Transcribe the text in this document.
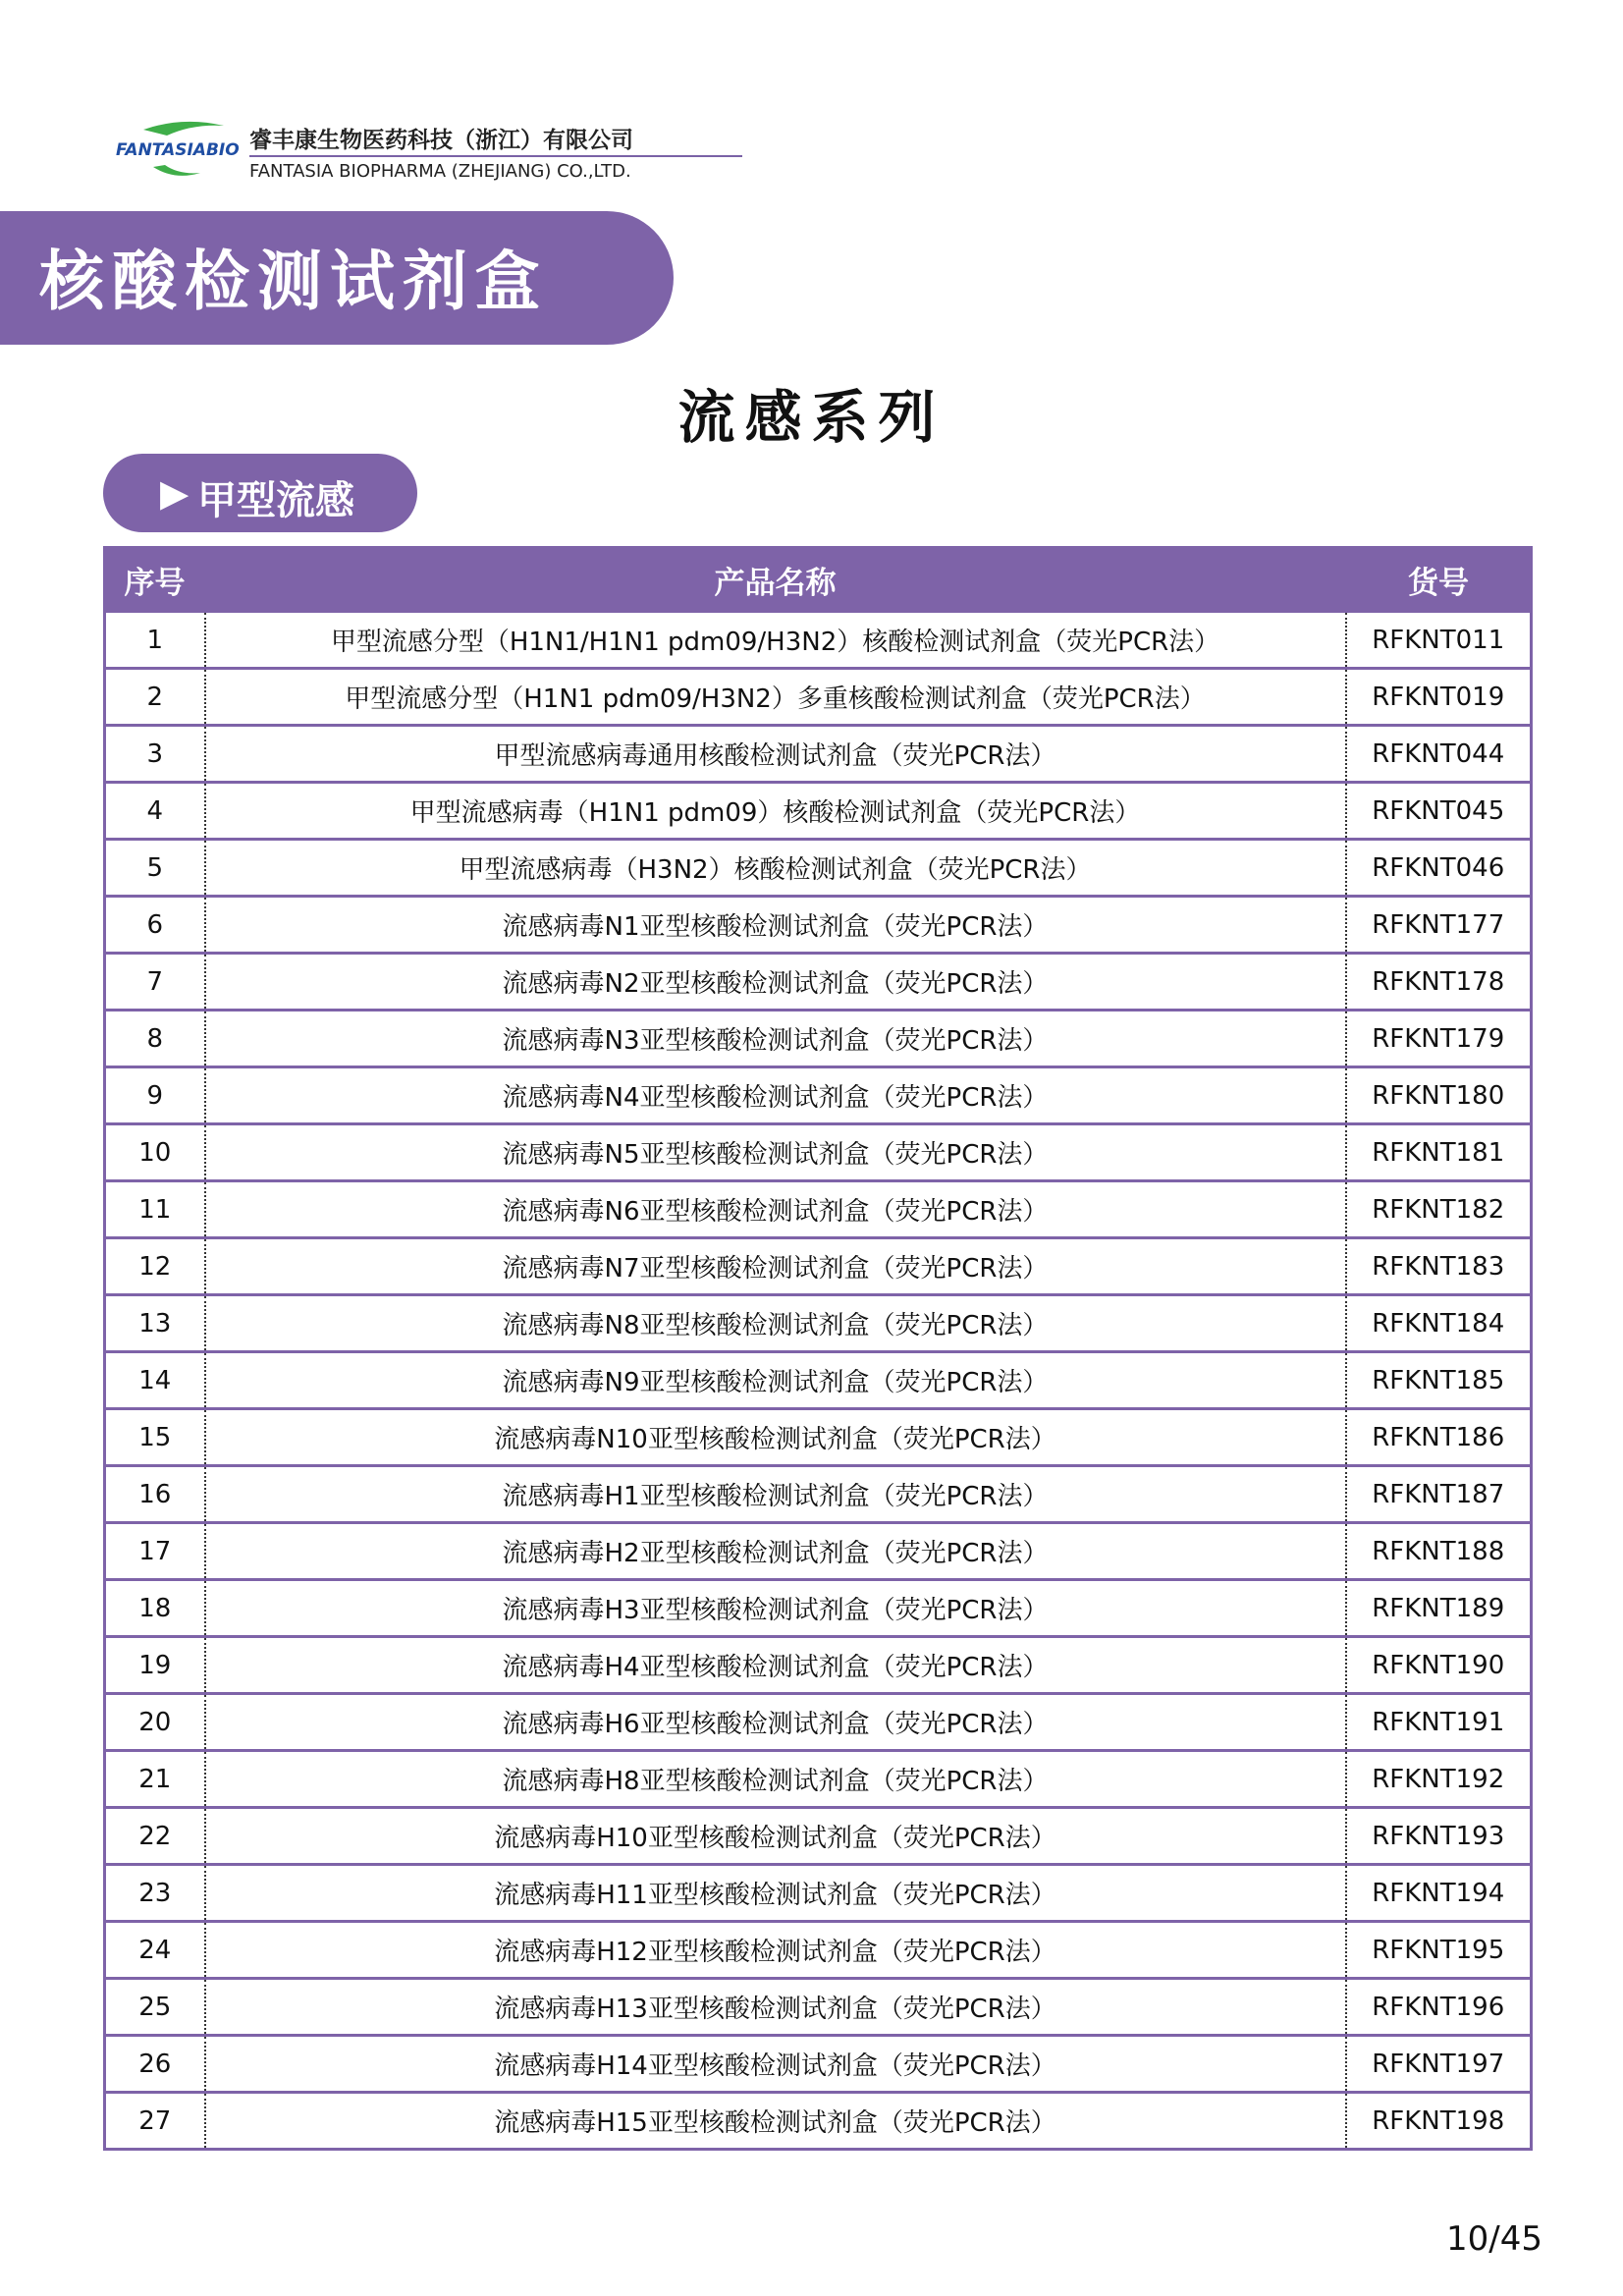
FANTASIABIO 睿丰康生物医药科技（浙江）有限公司
FANTASIA BIOPHARMA (ZHEJIANG) CO.,LTD.
核酸检测试剂盒
流感系列
▶ 甲型流感
序号	产品名称	货号
1	甲型流感分型（H1N1/H1N1 pdm09/H3N2）核酸检测试剂盒（荧光PCR法）	RFKNT011
2	甲型流感分型（H1N1 pdm09/H3N2）多重核酸检测试剂盒（荧光PCR法）	RFKNT019
3	甲型流感病毒通用核酸检测试剂盒（荧光PCR法）	RFKNT044
4	甲型流感病毒（H1N1 pdm09）核酸检测试剂盒（荧光PCR法）	RFKNT045
5	甲型流感病毒（H3N2）核酸检测试剂盒（荧光PCR法）	RFKNT046
6	流感病毒N1亚型核酸检测试剂盒（荧光PCR法）	RFKNT177
7	流感病毒N2亚型核酸检测试剂盒（荧光PCR法）	RFKNT178
8	流感病毒N3亚型核酸检测试剂盒（荧光PCR法）	RFKNT179
9	流感病毒N4亚型核酸检测试剂盒（荧光PCR法）	RFKNT180
10	流感病毒N5亚型核酸检测试剂盒（荧光PCR法）	RFKNT181
11	流感病毒N6亚型核酸检测试剂盒（荧光PCR法）	RFKNT182
12	流感病毒N7亚型核酸检测试剂盒（荧光PCR法）	RFKNT183
13	流感病毒N8亚型核酸检测试剂盒（荧光PCR法）	RFKNT184
14	流感病毒N9亚型核酸检测试剂盒（荧光PCR法）	RFKNT185
15	流感病毒N10亚型核酸检测试剂盒（荧光PCR法）	RFKNT186
16	流感病毒H1亚型核酸检测试剂盒（荧光PCR法）	RFKNT187
17	流感病毒H2亚型核酸检测试剂盒（荧光PCR法）	RFKNT188
18	流感病毒H3亚型核酸检测试剂盒（荧光PCR法）	RFKNT189
19	流感病毒H4亚型核酸检测试剂盒（荧光PCR法）	RFKNT190
20	流感病毒H6亚型核酸检测试剂盒（荧光PCR法）	RFKNT191
21	流感病毒H8亚型核酸检测试剂盒（荧光PCR法）	RFKNT192
22	流感病毒H10亚型核酸检测试剂盒（荧光PCR法）	RFKNT193
23	流感病毒H11亚型核酸检测试剂盒（荧光PCR法）	RFKNT194
24	流感病毒H12亚型核酸检测试剂盒（荧光PCR法）	RFKNT195
25	流感病毒H13亚型核酸检测试剂盒（荧光PCR法）	RFKNT196
26	流感病毒H14亚型核酸检测试剂盒（荧光PCR法）	RFKNT197
27	流感病毒H15亚型核酸检测试剂盒（荧光PCR法）	RFKNT198
10/45
